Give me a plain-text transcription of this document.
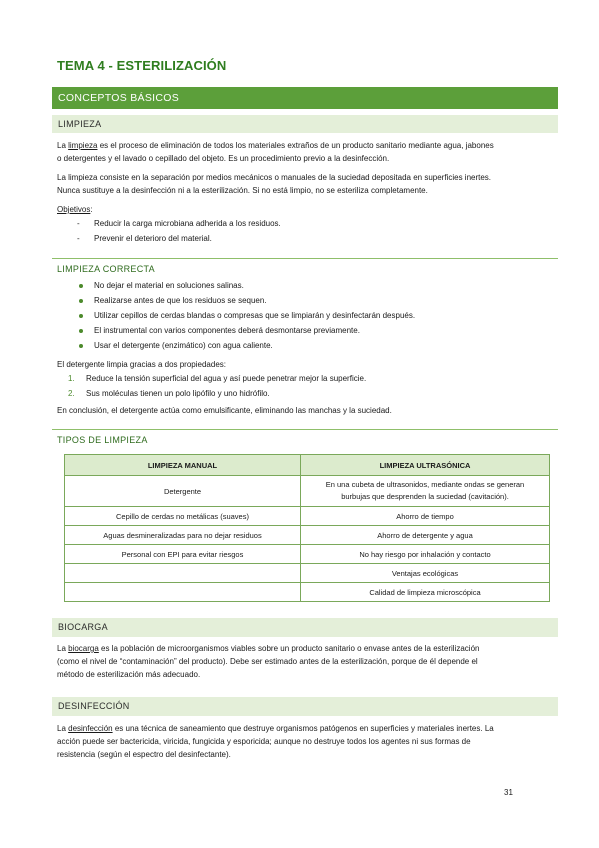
TEMA 4 - ESTERILIZACIÓN
CONCEPTOS BÁSICOS
LIMPIEZA
La limpieza es el proceso de eliminación de todos los materiales extraños de un producto sanitario mediante agua, jabones
o detergentes y el lavado o cepillado del objeto. Es un procedimiento previo a la desinfección.
La limpieza consiste en la separación por medios mecánicos o manuales de la suciedad depositada en superficies inertes.
Nunca sustituye a la desinfección ni a la esterilización. Si no está limpio, no se esteriliza completamente.
Objetivos:
- Reducir la carga microbiana adherida a los residuos.
- Prevenir el deterioro del material.
LIMPIEZA CORRECTA
No dejar el material en soluciones salinas.
Realizarse antes de que los residuos se sequen.
Utilizar cepillos de cerdas blandas o compresas que se limpiarán y desinfectarán después.
El instrumental con varios componentes deberá desmontarse previamente.
Usar el detergente (enzimático) con agua caliente.
El detergente limpia gracias a dos propiedades:
1. Reduce la tensión superficial del agua y así puede penetrar mejor la superficie.
2. Sus moléculas tienen un polo lipófilo y uno hidrófilo.
En conclusión, el detergente actúa como emulsificante, eliminando las manchas y la suciedad.
TIPOS DE LIMPIEZA
LIMPIEZA MANUAL	LIMPIEZA ULTRASÓNICA
Detergente	En una cubeta de ultrasonidos, mediante ondas se generan
burbujas que desprenden la suciedad (cavitación).
Cepillo de cerdas no metálicas (suaves)	Ahorro de tiempo
Aguas desmineralizadas para no dejar residuos	Ahorro de detergente y agua
Personal con EPI para evitar riesgos	No hay riesgo por inhalación y contacto
	Ventajas ecológicas
	Calidad de limpieza microscópica
BIOCARGA
La biocarga es la población de microorganismos viables sobre un producto sanitario o envase antes de la esterilización
(como el nivel de “contaminación” del producto). Debe ser estimado antes de la esterilización, porque de él depende el
método de esterilización más adecuado.
DESINFECCIÓN
La desinfección es una técnica de saneamiento que destruye organismos patógenos en superficies y materiales inertes. La
acción puede ser bactericida, viricida, fungicida y esporicida; aunque no destruye todos los agentes ni sus formas de
resistencia (según el espectro del desinfectante).
31
